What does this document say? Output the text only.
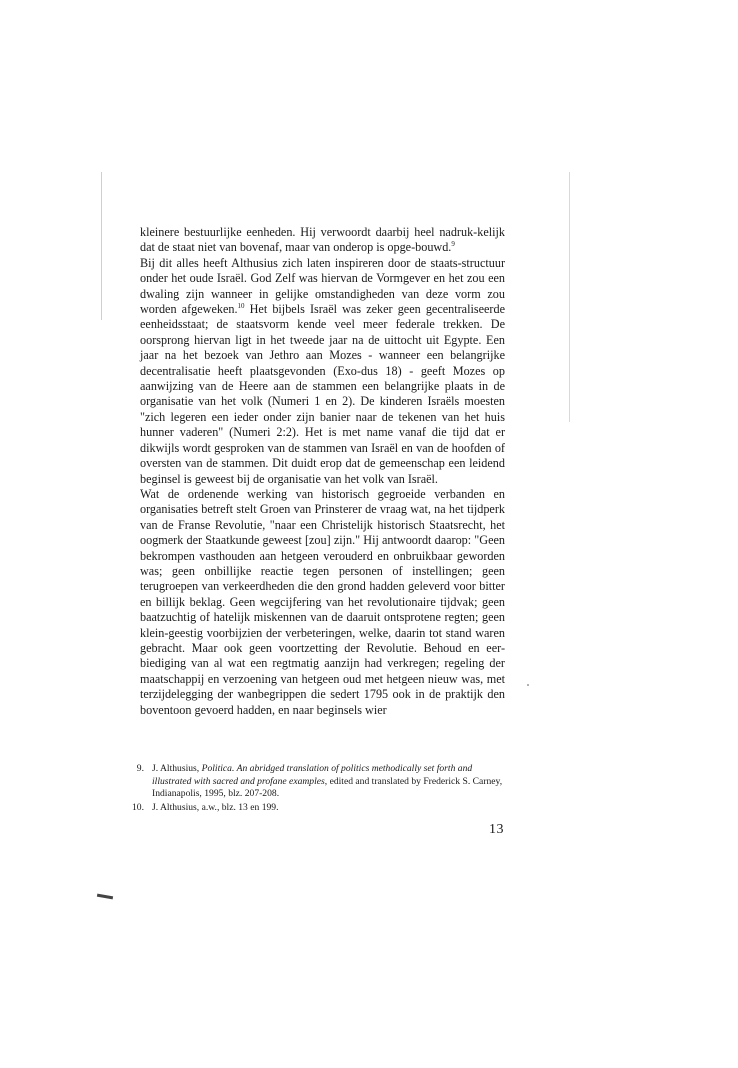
kleinere bestuurlijke eenheden. Hij verwoordt daarbij heel nadruk-kelijk dat de staat niet van bovenaf, maar van onderop is opge-bouwd.$^9$

Bij dit alles heeft Althusius zich laten inspireren door de staats-structuur onder het oude Israël. God Zelf was hiervan de Vormgever en het zou een dwaling zijn wanneer in gelijke omstandigheden van deze vorm zou worden afgeweken.$^{10}$ Het bijbels Israël was zeker geen gecentraliseerde eenheidsstaat; de staatsvorm kende veel meer federale trekken. De oorsprong hiervan ligt in het tweede jaar na de uittocht uit Egypte. Een jaar na het bezoek van Jethro aan Mozes - wanneer een belangrijke decentralisatie heeft plaatsgevonden (Exo-dus 18) - geeft Mozes op aanwijzing van de Heere aan de stammen een belangrijke plaats in de organisatie van het volk (Numeri 1 en 2). De kinderen Israëls moesten "zich legeren een ieder onder zijn banier naar de tekenen van het huis hunner vaderen" (Numeri 2:2). Het is met name vanaf die tijd dat er dikwijls wordt gesproken van de stammen van Israël en van de hoofden of oversten van de stammen. Dit duidt erop dat de gemeenschap een leidend beginsel is geweest bij de organisatie van het volk van Israël.

Wat de ordenende werking van historisch gegroeide verbanden en organisaties betreft stelt Groen van Prinsterer de vraag wat, na het tijdperk van de Franse Revolutie, "naar een Christelijk historisch Staatsrecht, het oogmerk der Staatkunde geweest [zou] zijn." Hij antwoordt daarop: "Geen bekrompen vasthouden aan hetgeen verouderd en onbruikbaar geworden was; geen onbillijke reactie tegen personen of instellingen; geen terugroepen van verkeerdheden die den grond hadden geleverd voor bitter en billijk beklag. Geen wegcijfering van het revolutionaire tijdvak; geen baatzuchtig of hatelijk miskennen van de daaruit ontsprotene regten; geen klein-geestig voorbijzien der verbeteringen, welke, daarin tot stand waren gebracht. Maar ook geen voortzetting der Revolutie. Behoud en eer-biediging van al wat een regtmatig aanzijn had verkregen; regeling der maatschappij en verzoening van hetgeen oud met hetgeen nieuw was, met terzijdelegging der wanbegrippen die sedert 1795 ook in de praktijk den boventoon gevoerd hadden, en naar beginsels wier

9. J. Althusius, Politica. An abridged translation of politics methodically set forth and illustrated with sacred and profane examples, edited and translated by Frederick S. Carney, Indianapolis, 1995, blz. 207-208.
10. J. Althusius, a.w., blz. 13 en 199.
13
